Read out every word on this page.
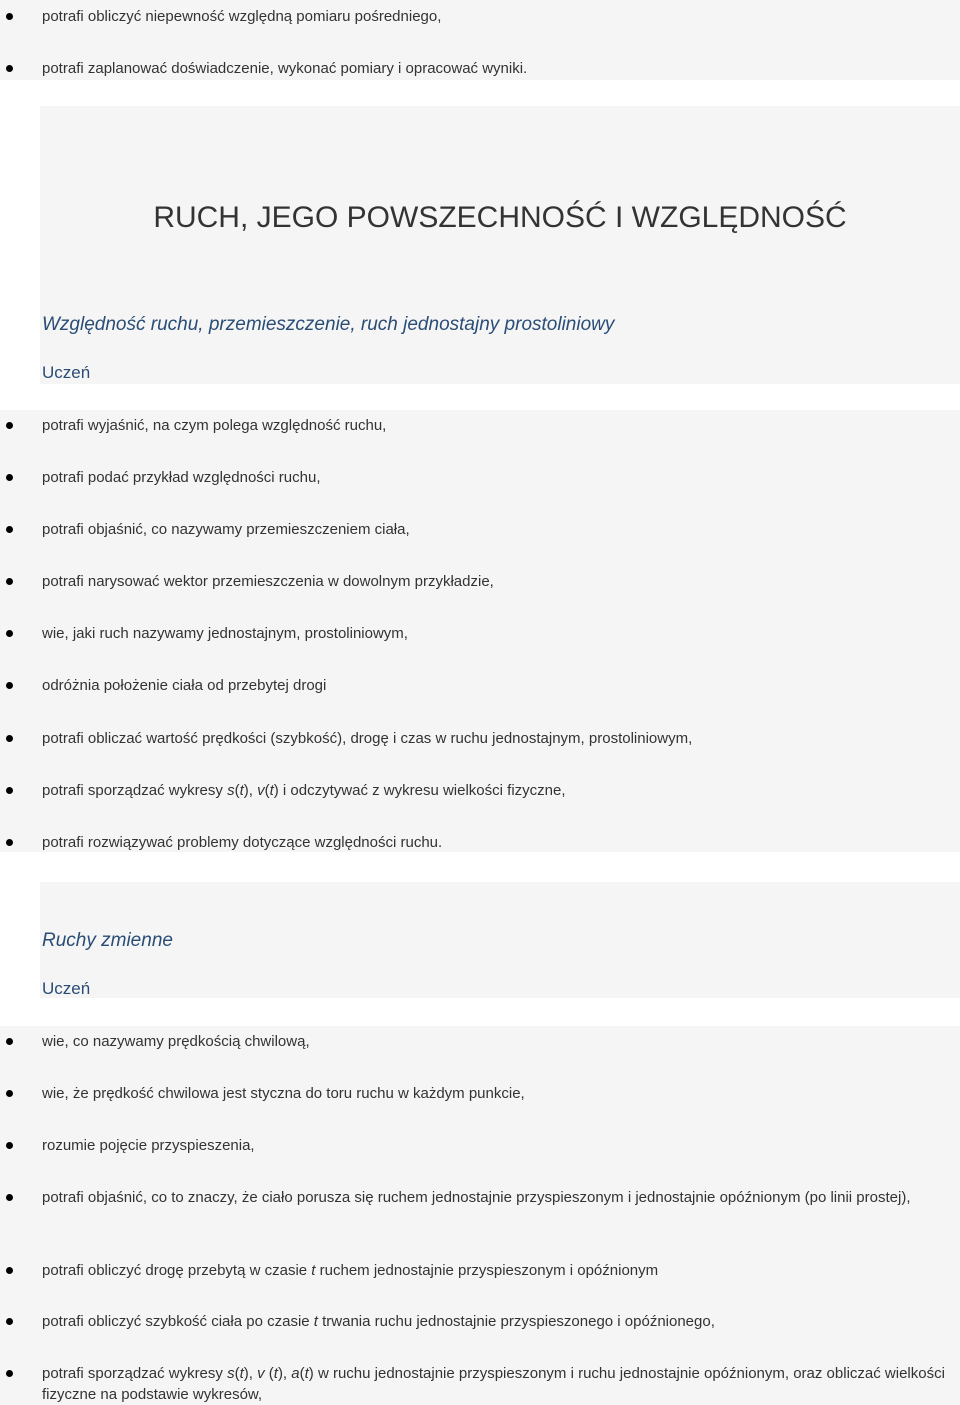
potrafi obliczyć niepewność względną pomiaru pośredniego,
potrafi zaplanować doświadczenie, wykonać pomiary i opracować wyniki.
RUCH, JEGO POWSZECHNOŚĆ I WZGLĘDNOŚĆ
Względność ruchu, przemieszczenie, ruch jednostajny prostoliniowy
Uczeń
potrafi wyjaśnić, na czym polega względność ruchu,
potrafi podać przykład względności ruchu,
potrafi objaśnić, co nazywamy przemieszczeniem ciała,
potrafi narysować wektor przemieszczenia w dowolnym przykładzie,
wie, jaki ruch nazywamy jednostajnym, prostoliniowym,
odróżnia położenie ciała od przebytej drogi
potrafi obliczać wartość prędkości (szybkość), drogę i czas w ruchu jednostajnym, prostoliniowym,
potrafi sporządzać wykresy s(t), v(t) i odczytywać z wykresu wielkości fizyczne,
potrafi rozwiązywać problemy dotyczące względności ruchu.
Ruchy zmienne
Uczeń
wie, co nazywamy prędkością chwilową,
wie, że prędkość chwilowa jest styczna do toru ruchu w każdym punkcie,
rozumie pojęcie przyspieszenia,
potrafi objaśnić, co to znaczy, że ciało porusza się ruchem jednostajnie przyspieszonym i jednostajnie opóźnionym (po linii prostej),
potrafi obliczyć drogę przebytą w czasie t ruchem jednostajnie przyspieszonym i opóźnionym
potrafi obliczyć szybkość ciała po czasie t trwania ruchu jednostajnie przyspieszonego i opóźnionego,
potrafi sporządzać wykresy s(t), v (t), a(t) w ruchu jednostajnie przyspieszonym i ruchu jednostajnie opóźnionym, oraz obliczać wielkości fizyczne na podstawie wykresów,
